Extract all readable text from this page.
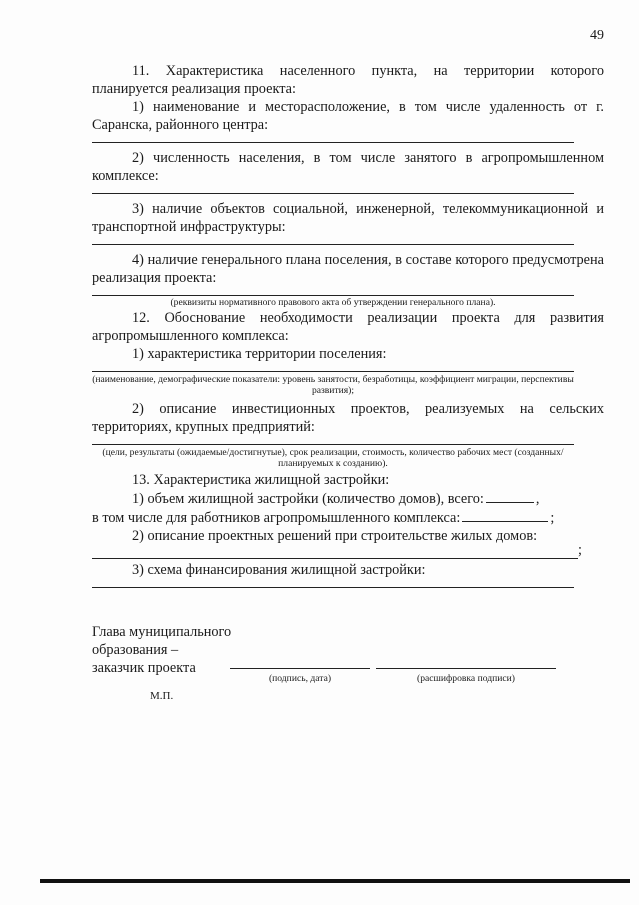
49
11. Характеристика населенного пункта, на территории которого планируется реализация проекта:
1) наименование и месторасположение, в том числе удаленность от г. Саранска, районного центра:
2) численность населения, в том числе занятого в агропромышленном комплексе:
3) наличие объектов социальной, инженерной, телекоммуникационной и транспортной инфраструктуры:
4) наличие генерального плана поселения, в составе которого предусмотрена реализация проекта:
(реквизиты нормативного правового акта об утверждении генерального плана).
12. Обоснование необходимости реализации проекта для развития агропромышленного комплекса:
1) характеристика территории поселения:
(наименование, демографические показатели: уровень занятости, безработицы, коэффициент миграции, перспективы развития);
2) описание инвестиционных проектов, реализуемых на сельских территориях, крупных предприятий:
(цели, результаты (ожидаемые/достигнутые), срок реализации, стоимость, количество рабочих мест (созданных/планируемых к созданию).
13. Характеристика жилищной застройки:
1) объем жилищной застройки (количество домов), всего:	,
в том числе для работников агропромышленного комплекса:	;
2) описание проектных решений при строительстве жилых домов:
;
3) схема финансирования жилищной застройки:
Глава муниципального
образования –
заказчик проекта
(подпись, дата)	(расшифровка подписи)
М.П.
